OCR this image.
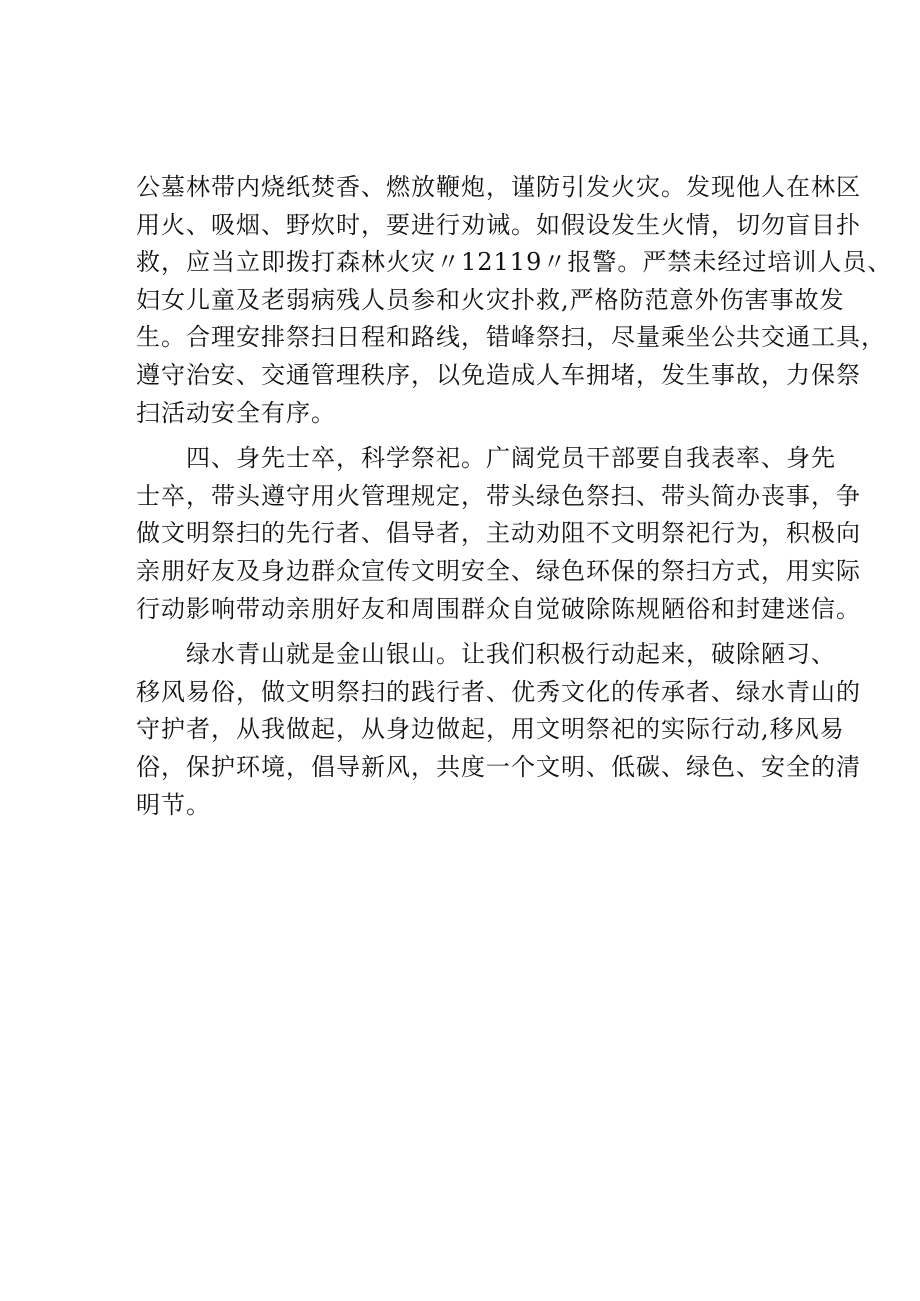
公墓林带内烧纸焚香、燃放鞭炮，谨防引发火灾。发现他人在林区
用火、吸烟、野炊时，要进行劝诫。如假设发生火情，切勿盲目扑
救，应当立即拨打森林火灾〃12119〃报警。严禁未经过培训人员、
妇女儿童及老弱病残人员参和火灾扑救,严格防范意外伤害事故发
生。合理安排祭扫日程和路线，错峰祭扫，尽量乘坐公共交通工具，
遵守治安、交通管理秩序，以免造成人车拥堵，发生事故，力保祭
扫活动安全有序。
四、身先士卒，科学祭祀。广阔党员干部要自我表率、身先
士卒，带头遵守用火管理规定，带头绿色祭扫、带头简办丧事，争
做文明祭扫的先行者、倡导者，主动劝阻不文明祭祀行为，积极向
亲朋好友及身边群众宣传文明安全、绿色环保的祭扫方式，用实际
行动影响带动亲朋好友和周围群众自觉破除陈规陋俗和封建迷信。
绿水青山就是金山银山。让我们积极行动起来，破除陋习、
移风易俗，做文明祭扫的践行者、优秀文化的传承者、绿水青山的
守护者，从我做起，从身边做起，用文明祭祀的实际行动,移风易
俗，保护环境，倡导新风，共度一个文明、低碳、绿色、安全的清
明节。
